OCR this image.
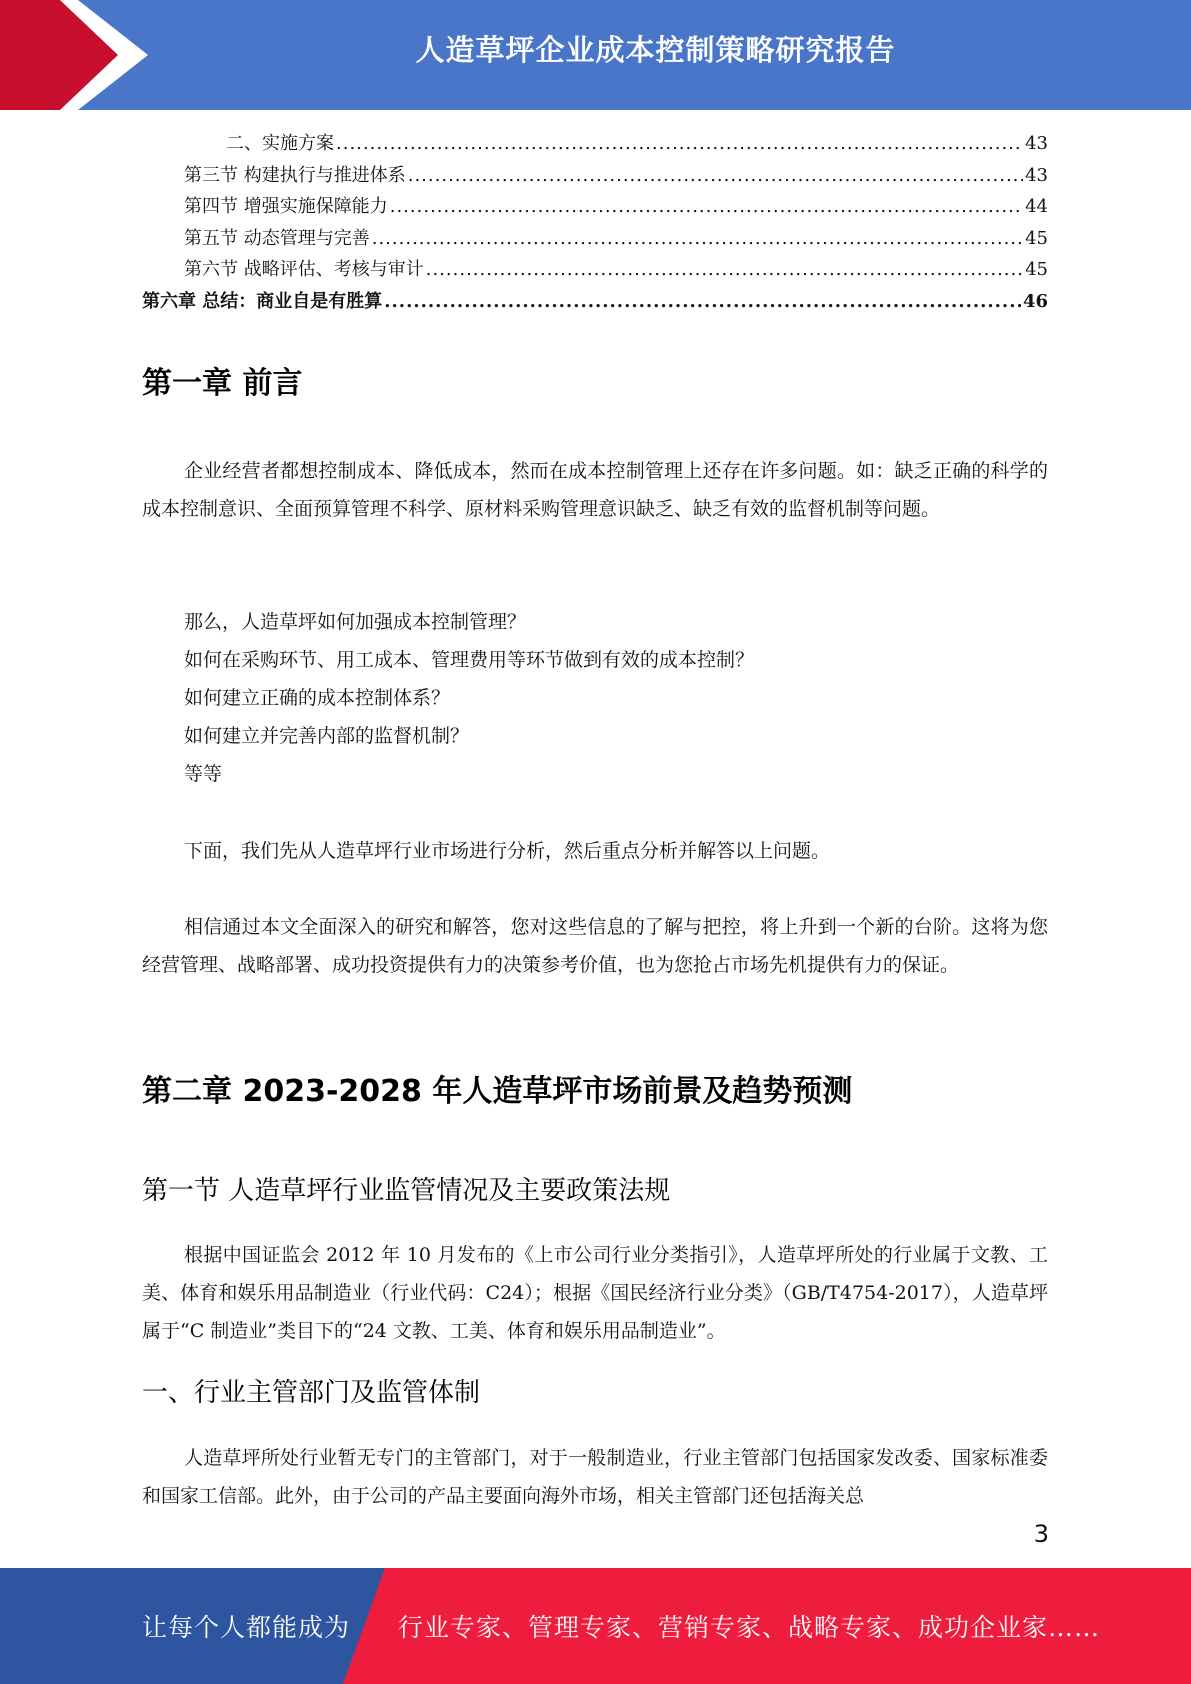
人造草坪企业成本控制策略研究报告
二、实施方案 .....	43
第三节 构建执行与推进体系 .....	43
第四节 增强实施保障能力 .....	44
第五节 动态管理与完善 .....	45
第六节 战略评估、考核与审计 .....	45
第六章 总结：商业自是有胜算 .....	46
第一章 前言
企业经营者都想控制成本、降低成本，然而在成本控制管理上还存在许多问题。如：缺乏正确的科学的成本控制意识、全面预算管理不科学、原材料采购管理意识缺乏、缺乏有效的监督机制等问题。
那么，人造草坪如何加强成本控制管理？
如何在采购环节、用工成本、管理费用等环节做到有效的成本控制？
如何建立正确的成本控制体系？
如何建立并完善内部的监督机制？
等等
下面，我们先从人造草坪行业市场进行分析，然后重点分析并解答以上问题。
相信通过本文全面深入的研究和解答，您对这些信息的了解与把控，将上升到一个新的台阶。这将为您经营管理、战略部署、成功投资提供有力的决策参考价值，也为您抢占市场先机提供有力的保证。
第二章 2023-2028 年人造草坪市场前景及趋势预测
第一节 人造草坪行业监管情况及主要政策法规
根据中国证监会 2012 年 10 月发布的《上市公司行业分类指引》，人造草坪所处的行业属于文教、工美、体育和娱乐用品制造业（行业代码：C24）；根据《国民经济行业分类》（GB/T4754-2017），人造草坪属于“C 制造业”类目下的“24 文教、工美、体育和娱乐用品制造业”。
一、行业主管部门及监管体制
人造草坪所处行业暂无专门的主管部门，对于一般制造业，行业主管部门包括国家发改委、国家标准委和国家工信部。此外，由于公司的产品主要面向海外市场，相关主管部门还包括海关总
3
让每个人都能成为 行业专家、管理专家、营销专家、战略专家、成功企业家……
